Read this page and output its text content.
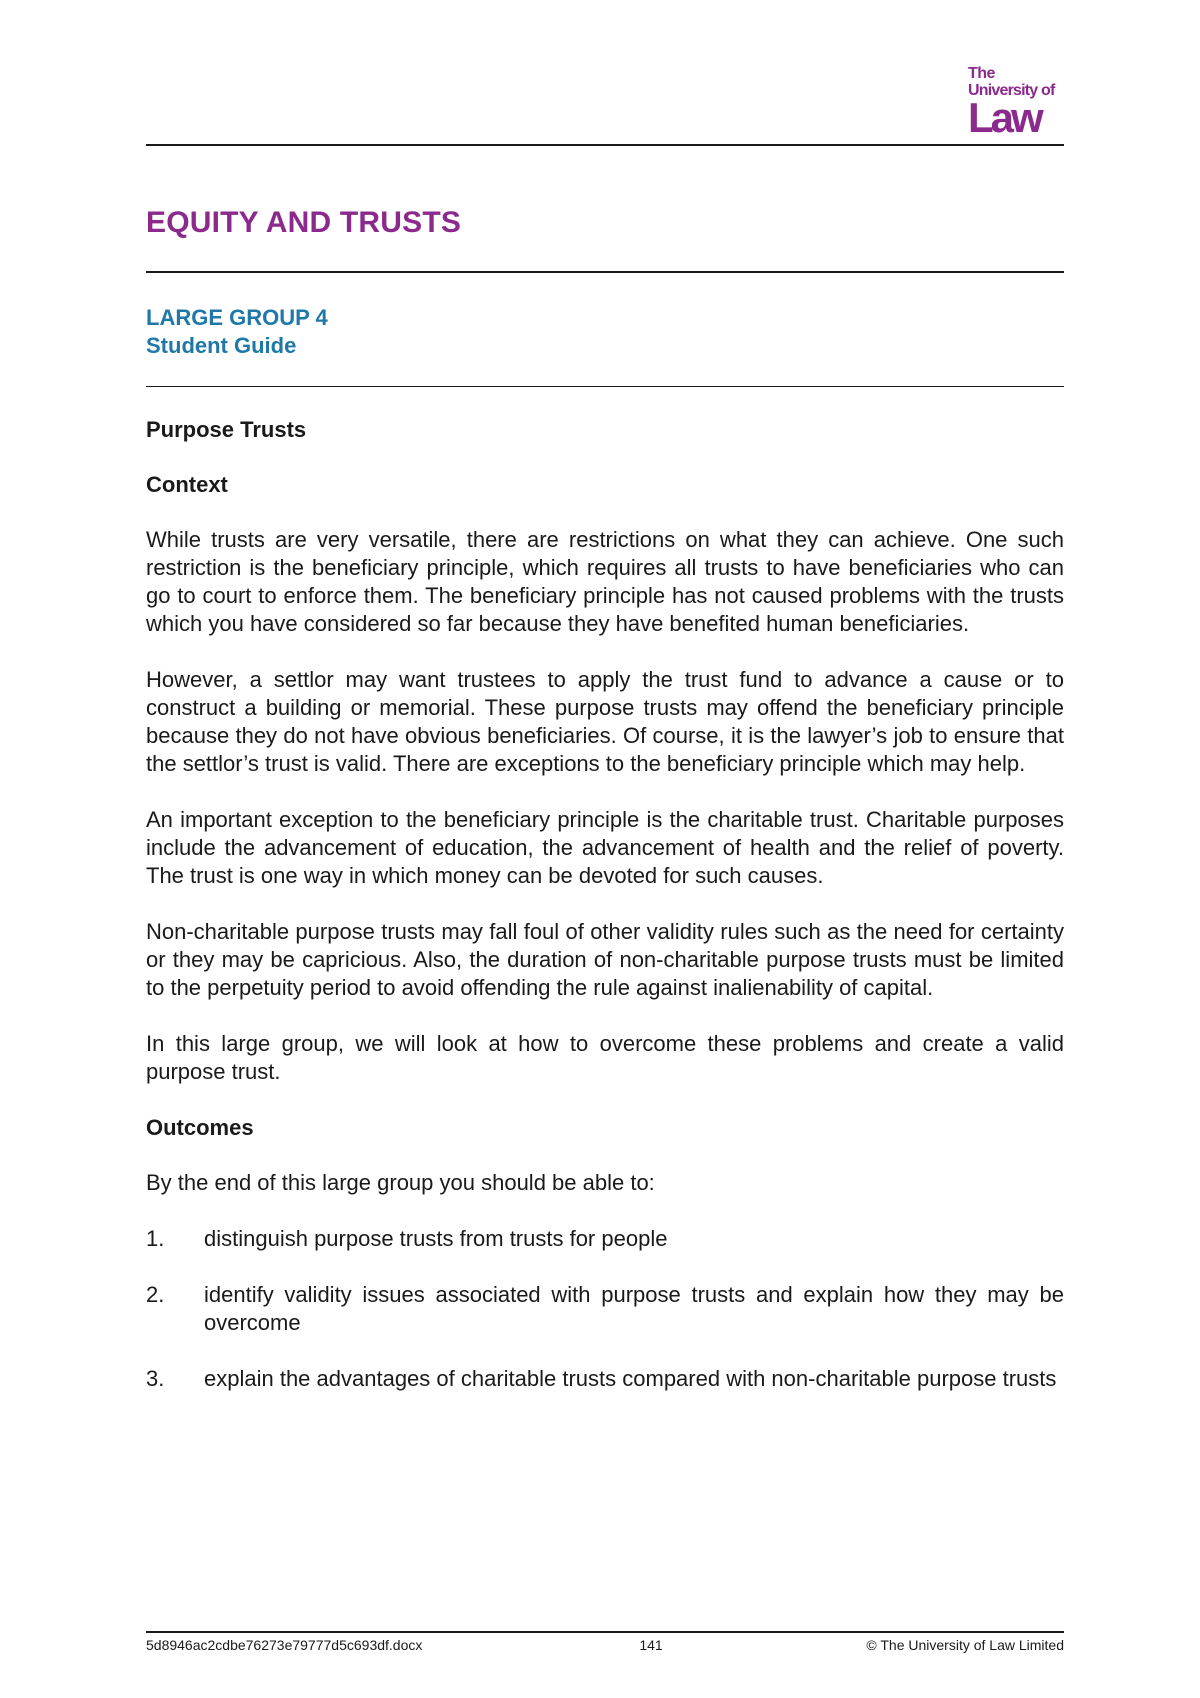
The
University of
Law
EQUITY AND TRUSTS
LARGE GROUP 4
Student Guide
Purpose Trusts
Context

While trusts are very versatile, there are restrictions on what they can achieve. One such restriction is the beneficiary principle, which requires all trusts to have beneficiaries who can go to court to enforce them. The beneficiary principle has not caused problems with the trusts which you have considered so far because they have benefited human beneficiaries.

However, a settlor may want trustees to apply the trust fund to advance a cause or to construct a building or memorial. These purpose trusts may offend the beneficiary principle because they do not have obvious beneficiaries. Of course, it is the lawyer’s job to ensure that the settlor’s trust is valid. There are exceptions to the beneficiary principle which may help.

An important exception to the beneficiary principle is the charitable trust. Charitable purposes include the advancement of education, the advancement of health and the relief of poverty. The trust is one way in which money can be devoted for such causes.

Non-charitable purpose trusts may fall foul of other validity rules such as the need for certainty or they may be capricious. Also, the duration of non-charitable purpose trusts must be limited to the perpetuity period to avoid offending the rule against inalienability of capital.

In this large group, we will look at how to overcome these problems and create a valid purpose trust.

Outcomes

By the end of this large group you should be able to:

1.	distinguish purpose trusts from trusts for people
2.	identify validity issues associated with purpose trusts and explain how they may be overcome
3.	explain the advantages of charitable trusts compared with non-charitable purpose trusts
5d8946ac2cdbe76273e79777d5c693df.docx	141	© The University of Law Limited
